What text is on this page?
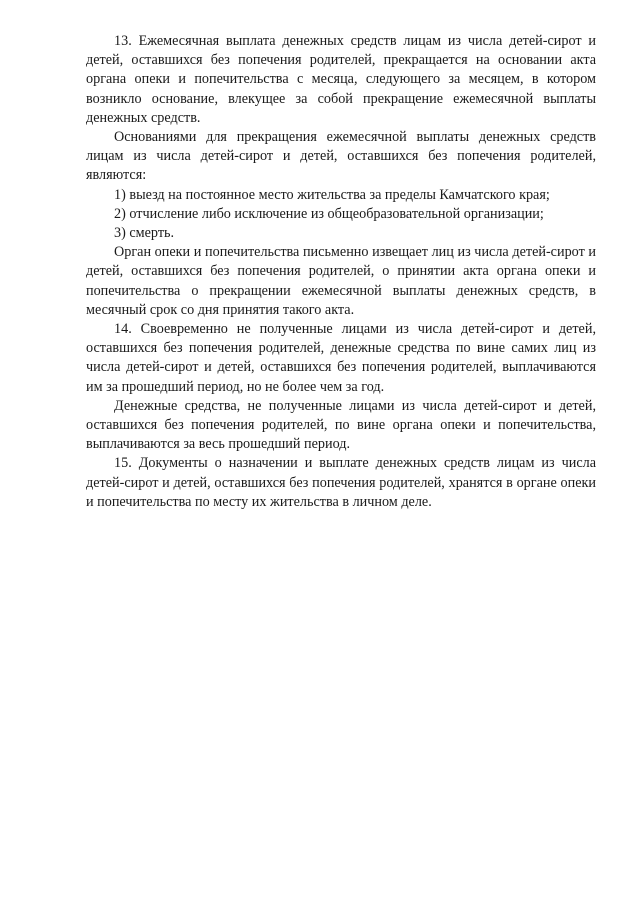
13. Ежемесячная выплата денежных средств лицам из числа детей-сирот и детей, оставшихся без попечения родителей, прекращается на основании акта органа опеки и попечительства с месяца, следующего за месяцем, в котором возникло основание, влекущее за собой прекращение ежемесячной выплаты денежных средств.

Основаниями для прекращения ежемесячной выплаты денежных средств лицам из числа детей-сирот и детей, оставшихся без попечения родителей, являются:

1) выезд на постоянное место жительства за пределы Камчатского края;

2) отчисление либо исключение из общеобразовательной организации;

3) смерть.

Орган опеки и попечительства письменно извещает лиц из числа детей-сирот и детей, оставшихся без попечения родителей, о принятии акта органа опеки и попечительства о прекращении ежемесячной выплаты денежных средств, в месячный срок со дня принятия такого акта.

14. Своевременно не полученные лицами из числа детей-сирот и детей, оставшихся без попечения родителей, денежные средства по вине самих лиц из числа детей-сирот и детей, оставшихся без попечения родителей, выплачиваются им за прошедший период, но не более чем за год.

Денежные средства, не полученные лицами из числа детей-сирот и детей, оставшихся без попечения родителей, по вине органа опеки и попечительства, выплачиваются за весь прошедший период.

15. Документы о назначении и выплате денежных средств лицам из числа детей-сирот и детей, оставшихся без попечения родителей, хранятся в органе опеки и попечительства по месту их жительства в личном деле.
